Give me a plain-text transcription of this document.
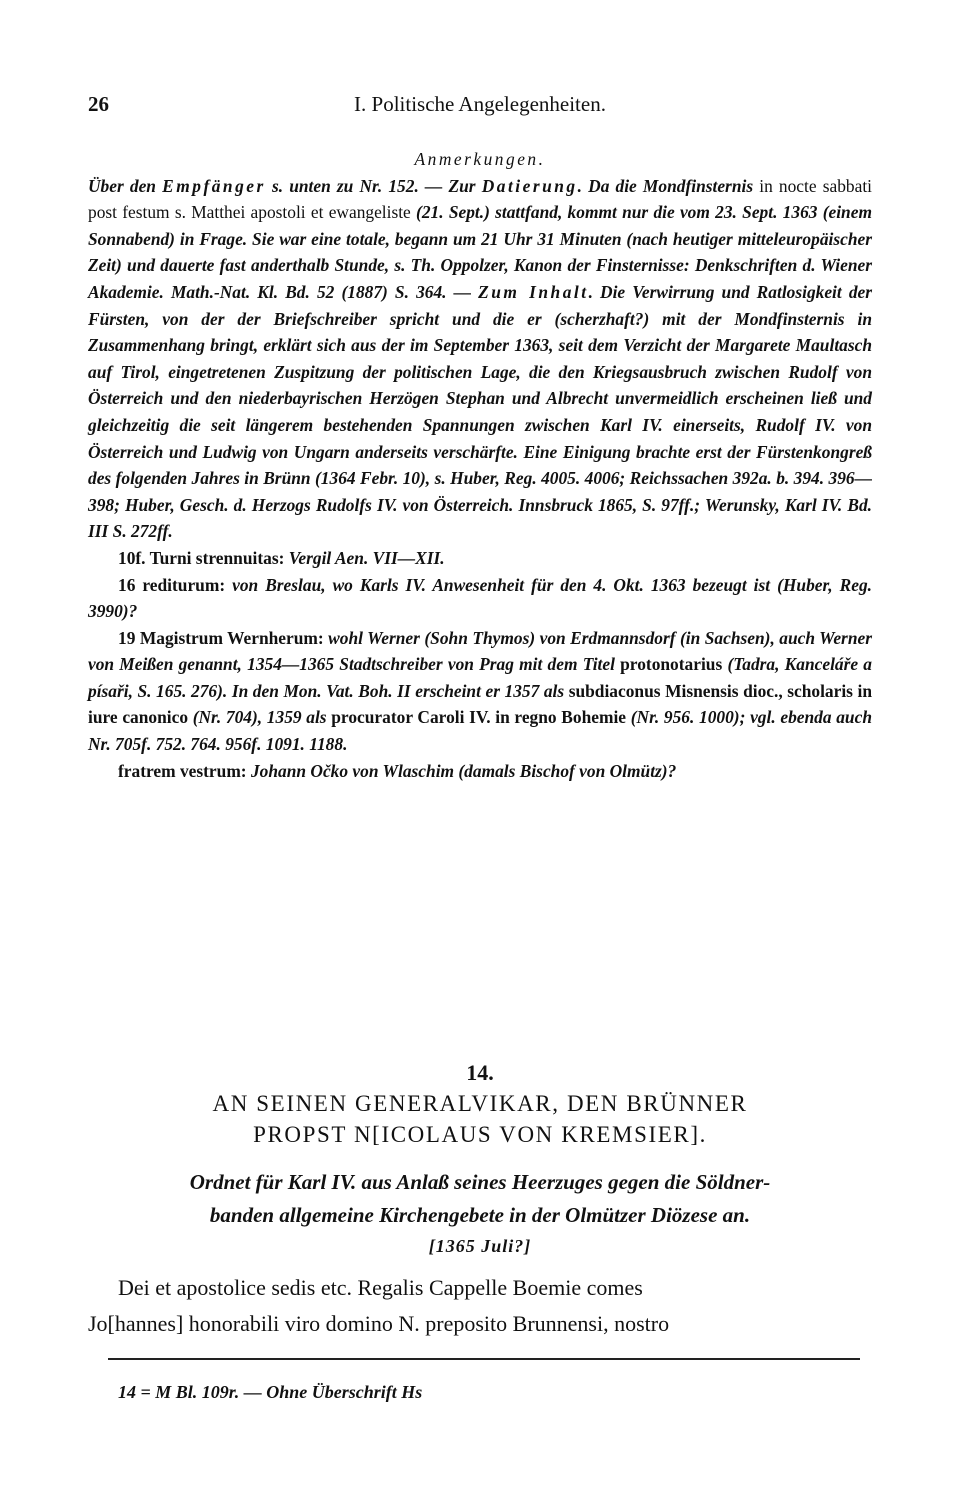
26	I. Politische Angelegenheiten.

Anmerkungen.

Über den Empfänger s. unten zu Nr. 152. — Zur Datierung. Da die Mondfinsternis in nocte sabbati post festum s. Matthei apostoli et ewangeliste (21. Sept.) stattfand, kommt nur die vom 23. Sept. 1363 (einem Sonnabend) in Frage. Sie war eine totale, begann um 21 Uhr 31 Minuten (nach heutiger mitteleuropäischer Zeit) und dauerte fast anderthalb Stunde, s. Th. Oppolzer, Kanon der Finsternisse: Denkschriften d. Wiener Akademie. Math.-Nat. Kl. Bd. 52 (1887) S. 364. — Zum Inhalt. Die Verwirrung und Ratlosigkeit der Fürsten, von der der Briefschreiber spricht und die er (scherzhaft?) mit der Mondfinsternis in Zusammenhang bringt, erklärt sich aus der im September 1363, seit dem Verzicht der Margarete Maultasch auf Tirol, eingetretenen Zuspitzung der politischen Lage, die den Kriegsausbruch zwischen Rudolf von Österreich und den niederbayrischen Herzögen Stephan und Albrecht unvermeidlich erscheinen ließ und gleichzeitig die seit längerem bestehenden Spannungen zwischen Karl IV. einerseits, Rudolf IV. von Österreich und Ludwig von Ungarn anderseits verschärfte. Eine Einigung brachte erst der Fürstenkongreß des folgenden Jahres in Brünn (1364 Febr. 10), s. Huber, Reg. 4005. 4006; Reichssachen 392a. b. 394. 396—398; Huber, Gesch. d. Herzogs Rudolfs IV. von Österreich. Innsbruck 1865, S. 97ff.; Werunsky, Karl IV. Bd. III S. 272ff.

10f. Turni strennuitas: Vergil Aen. VII—XII.

16 rediturum: von Breslau, wo Karls IV. Anwesenheit für den 4. Okt. 1363 bezeugt ist (Huber, Reg. 3990)?

19 Magistrum Wernherum: wohl Werner (Sohn Thymos) von Erdmannsdorf (in Sachsen), auch Werner von Meißen genannt, 1354—1365 Stadtschreiber von Prag mit dem Titel protonotarius (Tadra, Kanceláře a písaři, S. 165. 276). In den Mon. Vat. Boh. II erscheint er 1357 als subdiaconus Misnensis dioc., scholaris in iure canonico (Nr. 704), 1359 als procurator Caroli IV. in regno Bohemie (Nr. 956. 1000); vgl. ebenda auch Nr. 705f. 752. 764. 956f. 1091. 1188.

fratrem vestrum: Johann Očko von Wlaschim (damals Bischof von Olmütz)?

14.
AN SEINEN GENERALVIKAR, DEN BRÜNNER
PROPST N[ICOLAUS VON KREMSIER].
Ordnet für Karl IV. aus Anlaß seines Heerzuges gegen die Söldner-
banden allgemeine Kirchengebete in der Olmützer Diözese an.
[1365 Juli?]
Dei et apostolice sedis etc. Regalis Cappelle Boemie comes
Jo[hannes] honorabili viro domino N. preposito Brunnensi, nostro
14 = M Bl. 109r. — Ohne Überschrift Hs
